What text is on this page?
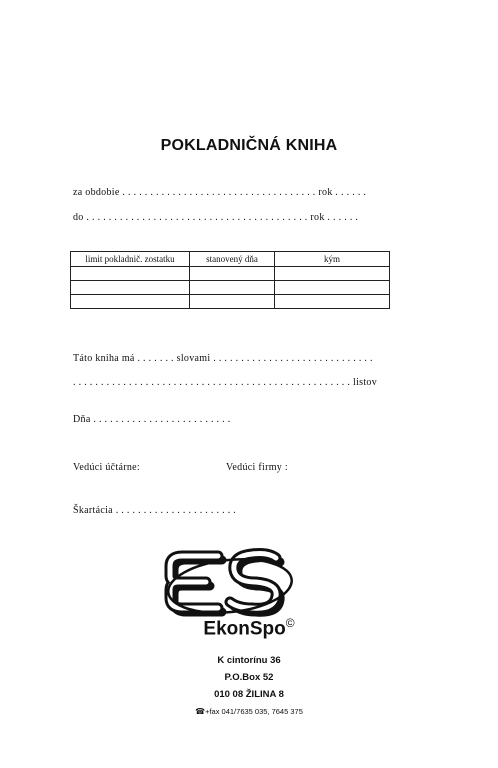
POKLADNIČNÁ KNIHA
za obdobie . . . . . . . . . . . . . . . . . . . . . . . . . . . . . . . . . . . rok . . . . . .
do . . . . . . . . . . . . . . . . . . . . . . . . . . . . . . . . . . . . . . . . rok . . . . . .
limit pokladnič. zostatku	stanovený dňa	kým

Táto kniha má . . . . . . . slovami . . . . . . . . . . . . . . . . . . . . . . . . . . . . .
. . . . . . . . . . . . . . . . . . . . . . . . . . . . . . . . . . . . . . . . . . . . . . . . . . listov
Dňa . . . . . . . . . . . . . . . . . . . . . . . . .
Vedúci účtárne:	Vedúci firmy :
Škartácia . . . . . . . . . . . . . . . . . . . . . .
EkonSpo©
K cintorínu 36
P.O.Box 52
010 08 ŽILINA 8
☎+fax 041/7635 035, 7645 375
